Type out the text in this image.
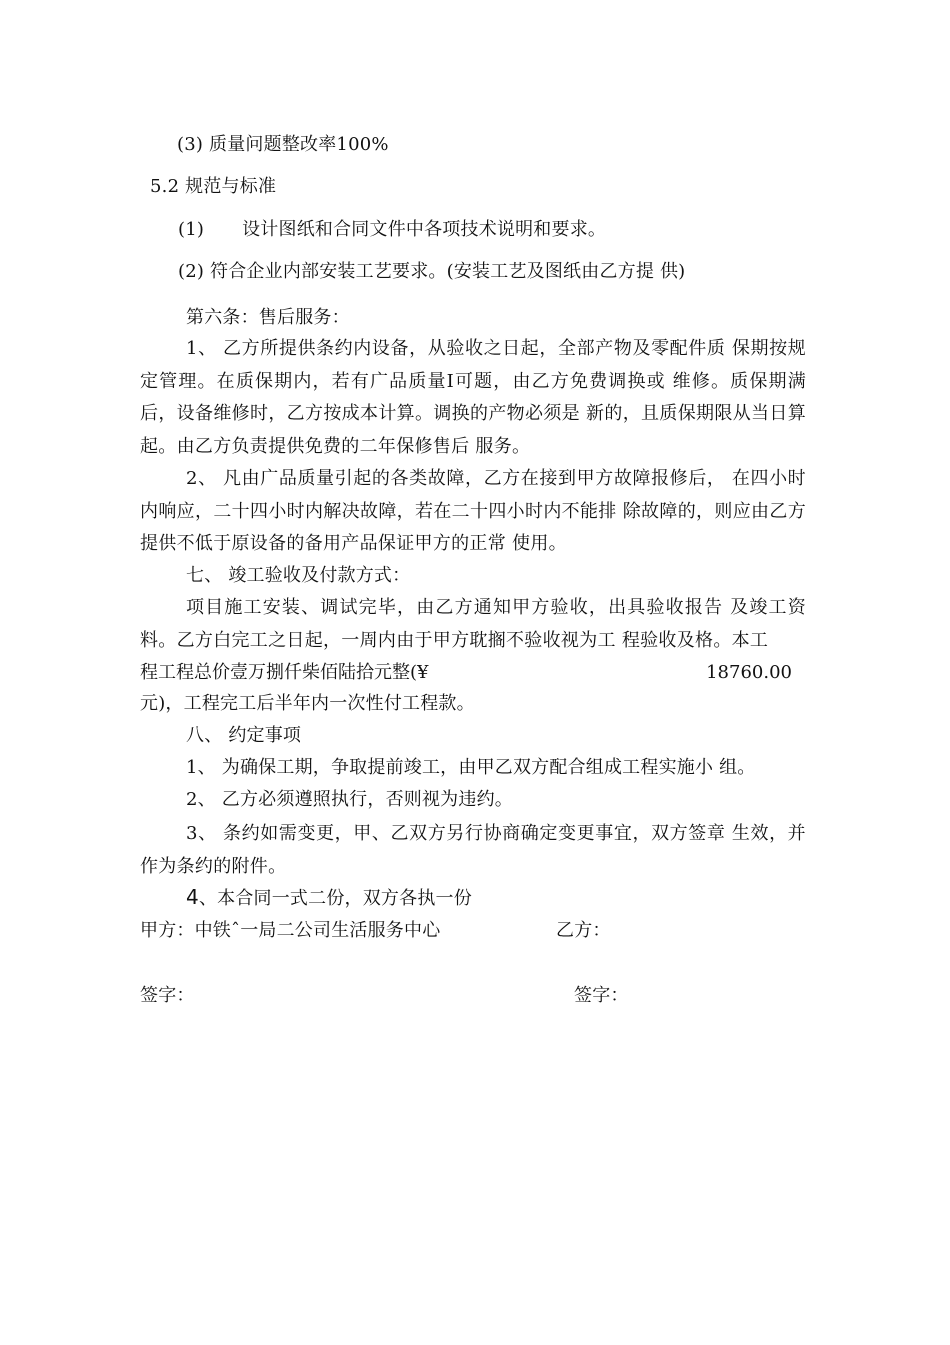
(3) 质量问题整改率100%
5.2 规范与标准
(1) 设计图纸和合同文件中各项技术说明和要求。
(2) 符合企业内部安装工艺要求。(安装工艺及图纸由乙方提 供)
第六条：售后服务：
1、 乙方所提供条约内设备，从验收之日起，全部产物及零配件质 保期按规定管理。在质保期内，若有广品质量I可题，由乙方免费调换或 维修。质保期满后，设备维修时，乙方按成本计算。调换的产物必须是 新的，且质保期限从当日算起。由乙方负责提供免费的二年保修售后 服务。
2、 凡由广品质量引起的各类故障，乙方在接到甲方故障报修后， 在四小时内响应，二十四小时内解决故障，若在二十四小时内不能排 除故障的，则应由乙方提供不低于原设备的备用产品保证甲方的正常 使用。
七、 竣工验收及付款方式：
项目施工安装、调试完毕，由乙方通知甲方验收，出具验收报告 及竣工资料。乙方白完工之日起，一周内由于甲方耽搁不验收视为工 程验收及格。本工
程工程总价壹万捌仟柴佰陆拾元整(¥	18760.00
元)，工程完工后半年内一次性付工程款。
八、 约定事项
1、 为确保工期，争取提前竣工，由甲乙双方配合组成工程实施小 组。
2、 乙方必须遵照执行，否则视为违约。
3、 条约如需变更，甲、乙双方另行协商确定变更事宜，双方签章 生效，并作为条约的附件。
4、本合同一式二份，双方各执一份
甲方：中铁ˆ一局二公司生活服务中心	乙方：
签字：	签字：
